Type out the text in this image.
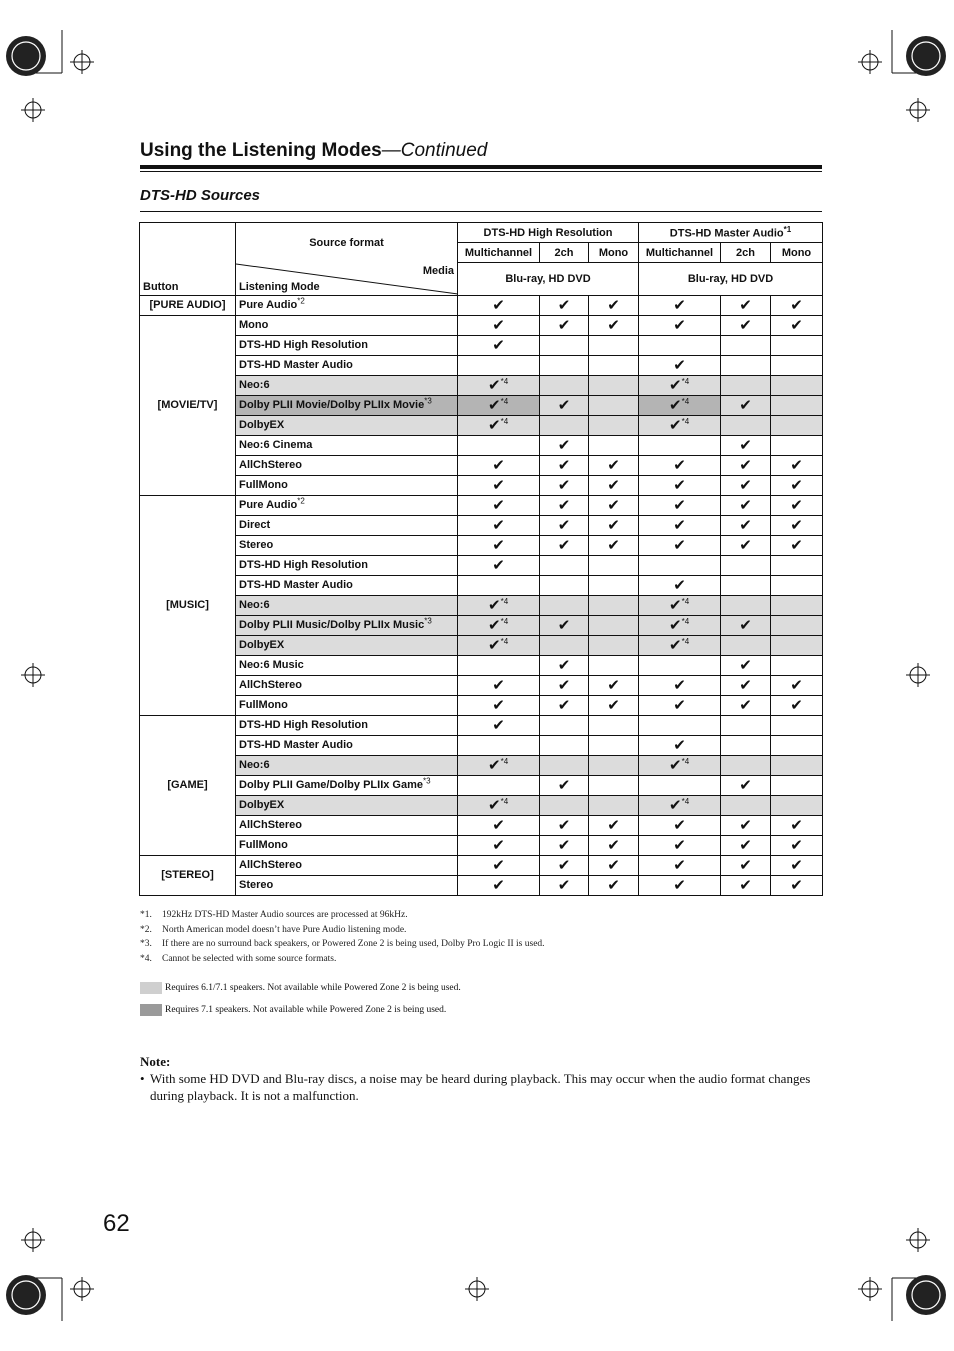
Using the Listening Modes—Continued
DTS-HD Sources
Button	Source format	DTS-HD High Resolution			DTS-HD Master Audio$^{*1}$
		Multichannel	2ch	Mono	Multichannel	2ch	Mono

	Media
Listening Mode	Blu-ray, HD DVD			Blu-ray, HD DVD		
[PURE AUDIO]	Pure Audio$^{*2}$	✔	✔	✔	✔	✔	✔
[MOVIE/TV]	Mono	✔	✔	✔	✔	✔	✔
	DTS-HD High Resolution	✔					
	DTS-HD Master Audio				✔		
	Neo:6	✔$^{*4}$			✔$^{*4}$		
	Dolby PLII Movie/Dolby PLIIx Movie$^{*3}$	✔$^{*4}$	✔		✔$^{*4}$	✔	
	DolbyEX	✔$^{*4}$			✔$^{*4}$		
	Neo:6 Cinema		✔			✔	
	AllChStereo	✔	✔	✔	✔	✔	✔
	FullMono	✔	✔	✔	✔	✔	✔
[MUSIC]	Pure Audio$^{*2}$	✔	✔	✔	✔	✔	✔
	Direct	✔	✔	✔	✔	✔	✔
	Stereo	✔	✔	✔	✔	✔	✔
	DTS-HD High Resolution	✔					
	DTS-HD Master Audio				✔		
	Neo:6	✔$^{*4}$			✔$^{*4}$		
	Dolby PLII Music/Dolby PLIIx Music$^{*3}$	✔$^{*4}$	✔		✔$^{*4}$	✔	
	DolbyEX	✔$^{*4}$			✔$^{*4}$		
	Neo:6 Music		✔			✔	
	AllChStereo	✔	✔	✔	✔	✔	✔
	FullMono	✔	✔	✔	✔	✔	✔
[GAME]	DTS-HD High Resolution	✔					
	DTS-HD Master Audio				✔		
	Neo:6	✔$^{*4}$			✔$^{*4}$		
	Dolby PLII Game/Dolby PLIIx Game$^{*3}$		✔			✔	
	DolbyEX	✔$^{*4}$			✔$^{*4}$		
	AllChStereo	✔	✔	✔	✔	✔	✔
	FullMono	✔	✔	✔	✔	✔	✔
[STEREO]	AllChStereo	✔	✔	✔	✔	✔	✔
	Stereo	✔	✔	✔	✔	✔	✔
*1.	192kHz DTS-HD Master Audio sources are processed at 96kHz.
*2.	North American model doesn’t have Pure Audio listening mode.
*3.	If there are no surround back speakers, or Powered Zone 2 is being used, Dolby Pro Logic II is used.
*4.	Cannot be selected with some source formats.
Requires 6.1/7.1 speakers. Not available while Powered Zone 2 is being used.
Requires 7.1 speakers. Not available while Powered Zone 2 is being used.
Note:
• With some HD DVD and Blu-ray discs, a noise may be heard during playback. This may occur when the audio format changes during playback. It is not a malfunction.
62
